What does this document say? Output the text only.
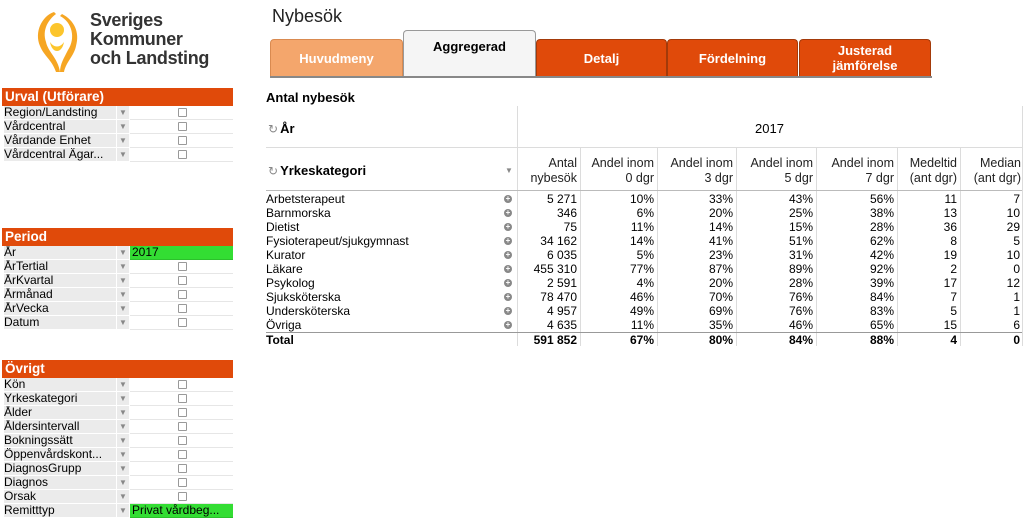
Sveriges
Kommuner
och Landsting
Urval (Utförare)
Region/Landsting	▼
Vårdcentral	▼
Vårdande Enhet	▼
Vårdcentral Ägar...	▼
Period
År	▼ 2017
ÅrTertial	▼
ÅrKvartal	▼
Årmånad	▼
ÅrVecka	▼
Datum	▼
Övrigt
Kön	▼
Yrkeskategori	▼
Ålder	▼
Åldersintervall	▼
Bokningssätt	▼
Öppenvårdskont...	▼
DiagnosGrupp	▼
Diagnos	▼
Orsak	▼
Remitttyp	▼ Privat vårdbeg...
Nybesök
Huvudmeny
Aggregerad
Detalj	Fördelning	Justerad
jämförelse
Antal nybesök
↻ År	2017
↻ Yrkeskategori	▼
Antal
nybesök
Andel inom
0 dgr
Andel inom
3 dgr
Andel inom
5 dgr
Andel inom
7 dgr
Medeltid
(ant dgr)
Median
(ant dgr)
Arbetsterapeut	+	5 271	10%	33%	43%	56%	11	7
Barnmorska	+	346	6%	20%	25%	38%	13	10
Dietist	+	75	11%	14%	15%	28%	36	29
Fysioterapeut/sjukgymnast	+	34 162	14%	41%	51%	62%	8	5
Kurator	+	6 035	5%	23%	31%	42%	19	10
Läkare	+	455 310	77%	87%	89%	92%	2	0
Psykolog	+	2 591	4%	20%	28%	39%	17	12
Sjuksköterska	+	78 470	46%	70%	76%	84%	7	1
Undersköterska	+	4 957	49%	69%	76%	83%	5	1
Övriga	+	4 635	11%	35%	46%	65%	15	6
Total	591 852	67%	80%	84%	88%	4	0
